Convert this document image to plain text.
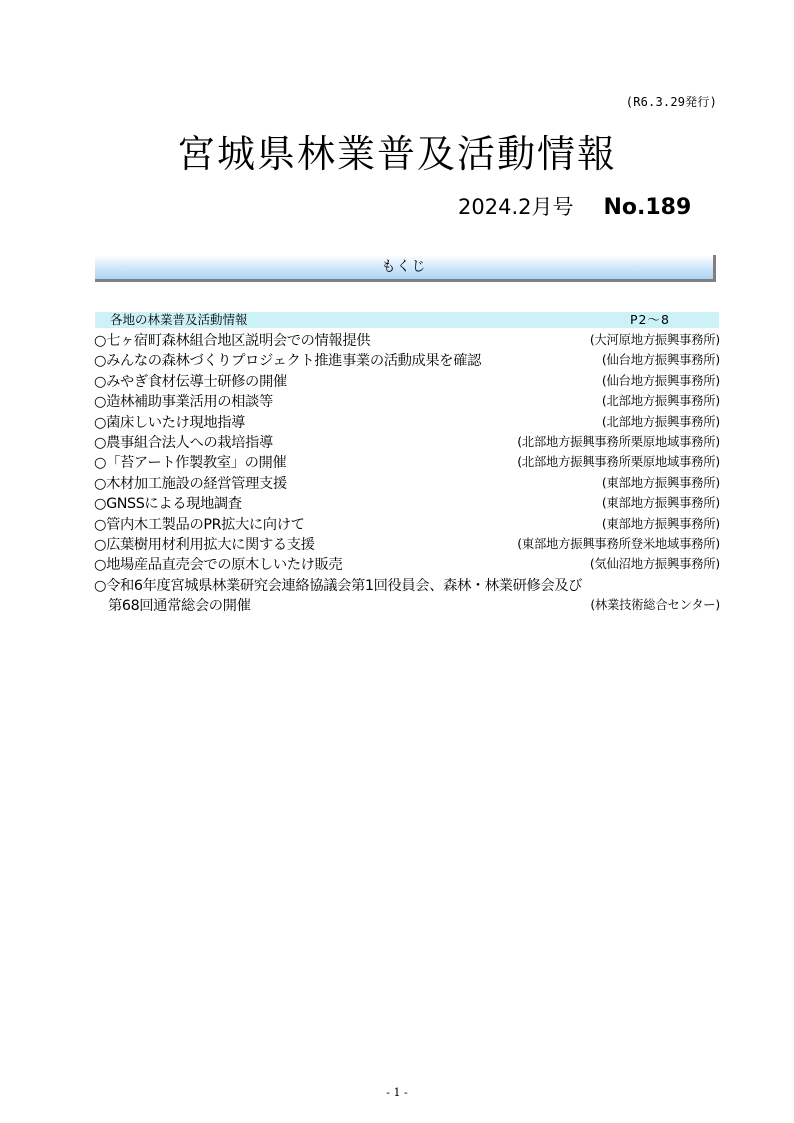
(R6.3.29発行)
宮城県林業普及活動情報
2024.2月号 No.189
もくじ
各地の林業普及活動情報	P2～8
○七ヶ宿町森林組合地区説明会での情報提供	(大河原地方振興事務所)
○みんなの森林づくりプロジェクト推進事業の活動成果を確認	(仙台地方振興事務所)
○みやぎ食材伝導士研修の開催	(仙台地方振興事務所)
○造林補助事業活用の相談等	(北部地方振興事務所)
○菌床しいたけ現地指導	(北部地方振興事務所)
○農事組合法人への栽培指導	(北部地方振興事務所栗原地域事務所)
○「苔アート作製教室」の開催	(北部地方振興事務所栗原地域事務所)
○木材加工施設の経営管理支援	(東部地方振興事務所)
○GNSSによる現地調査	(東部地方振興事務所)
○管内木工製品のPR拡大に向けて	(東部地方振興事務所)
○広葉樹用材利用拡大に関する支援	(東部地方振興事務所登米地域事務所)
○地場産品直売会での原木しいたけ販売	(気仙沼地方振興事務所)
○令和6年度宮城県林業研究会連絡協議会第1回役員会、森林・林業研修会及び
第68回通常総会の開催	(林業技術総合センター)
- 1 -
